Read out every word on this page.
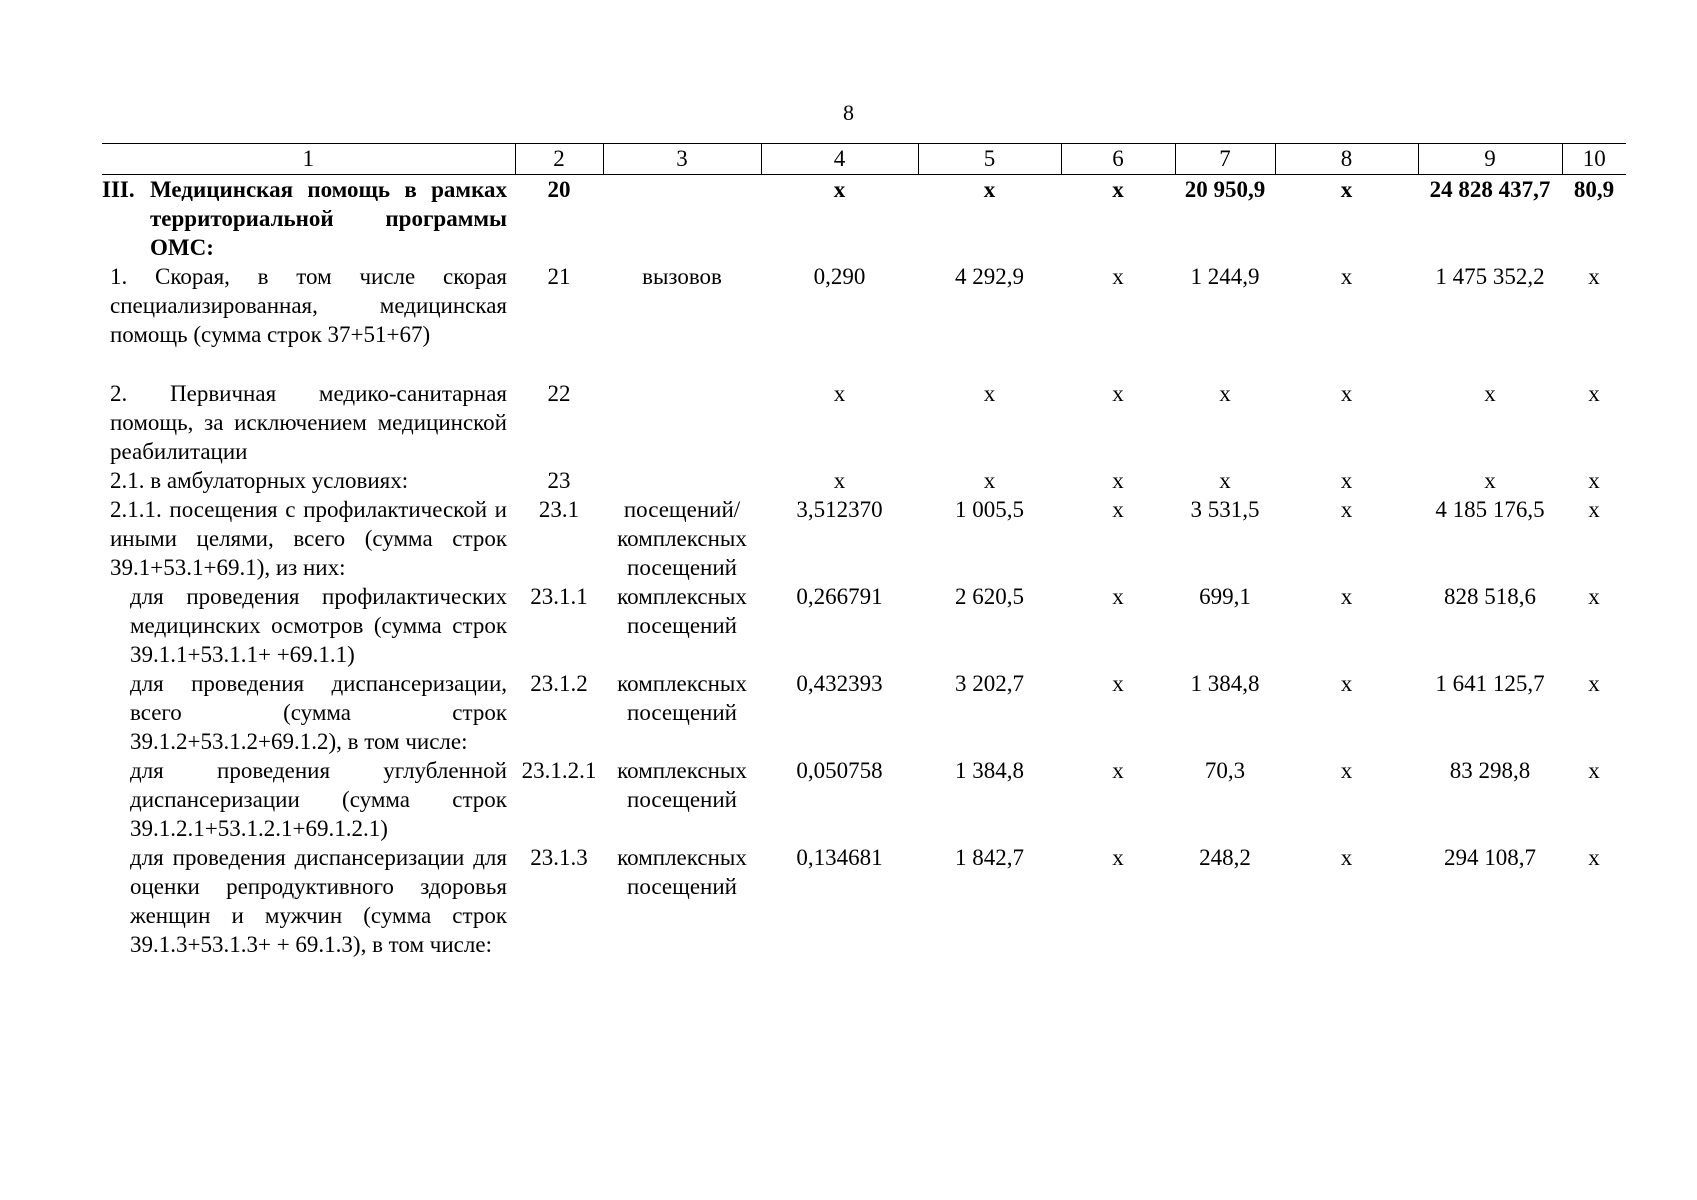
8
1	2	3	4	5	6	7	8	9	10

III. Медицинская помощь в рамках территориальной программы ОМС:	20		х	х	х	20 950,9	х	24 828 437,7	80,9
1. Скорая, в том числе скорая специализированная, медицинская помощь (сумма строк 37+51+67)	21	вызовов	0,290	4 292,9	х	1 244,9	х	1 475 352,2	х

2. Первичная медико-санитарная помощь, за исключением медицинской реабилитации	22		х	х	х	х	х	х	х
2.1. в амбулаторных условиях:	23		х	х	х	х	х	х	х
2.1.1. посещения с профилактической и иными целями, всего (сумма строк 39.1+53.1+69.1), из них:	23.1	посещений/ комплексных посещений	3,512370	1 005,5	х	3 531,5	х	4 185 176,5	х
для проведения профилактических медицинских осмотров (сумма строк 39.1.1+53.1.1+ +69.1.1)	23.1.1	комплексных посещений	0,266791	2 620,5	х	699,1	х	828 518,6	х
для проведения диспансеризации, всего (сумма строк 39.1.2+53.1.2+69.1.2), в том числе:	23.1.2	комплексных посещений	0,432393	3 202,7	х	1 384,8	х	1 641 125,7	х
для проведения углубленной диспансеризации (сумма строк 39.1.2.1+53.1.2.1+69.1.2.1)	23.1.2.1	комплексных посещений	0,050758	1 384,8	х	70,3	х	83 298,8	х
для проведения диспансеризации для оценки репродуктивного здоровья женщин и мужчин (сумма строк 39.1.3+53.1.3+ + 69.1.3), в том числе:	23.1.3	комплексных посещений	0,134681	1 842,7	х	248,2	х	294 108,7	х
